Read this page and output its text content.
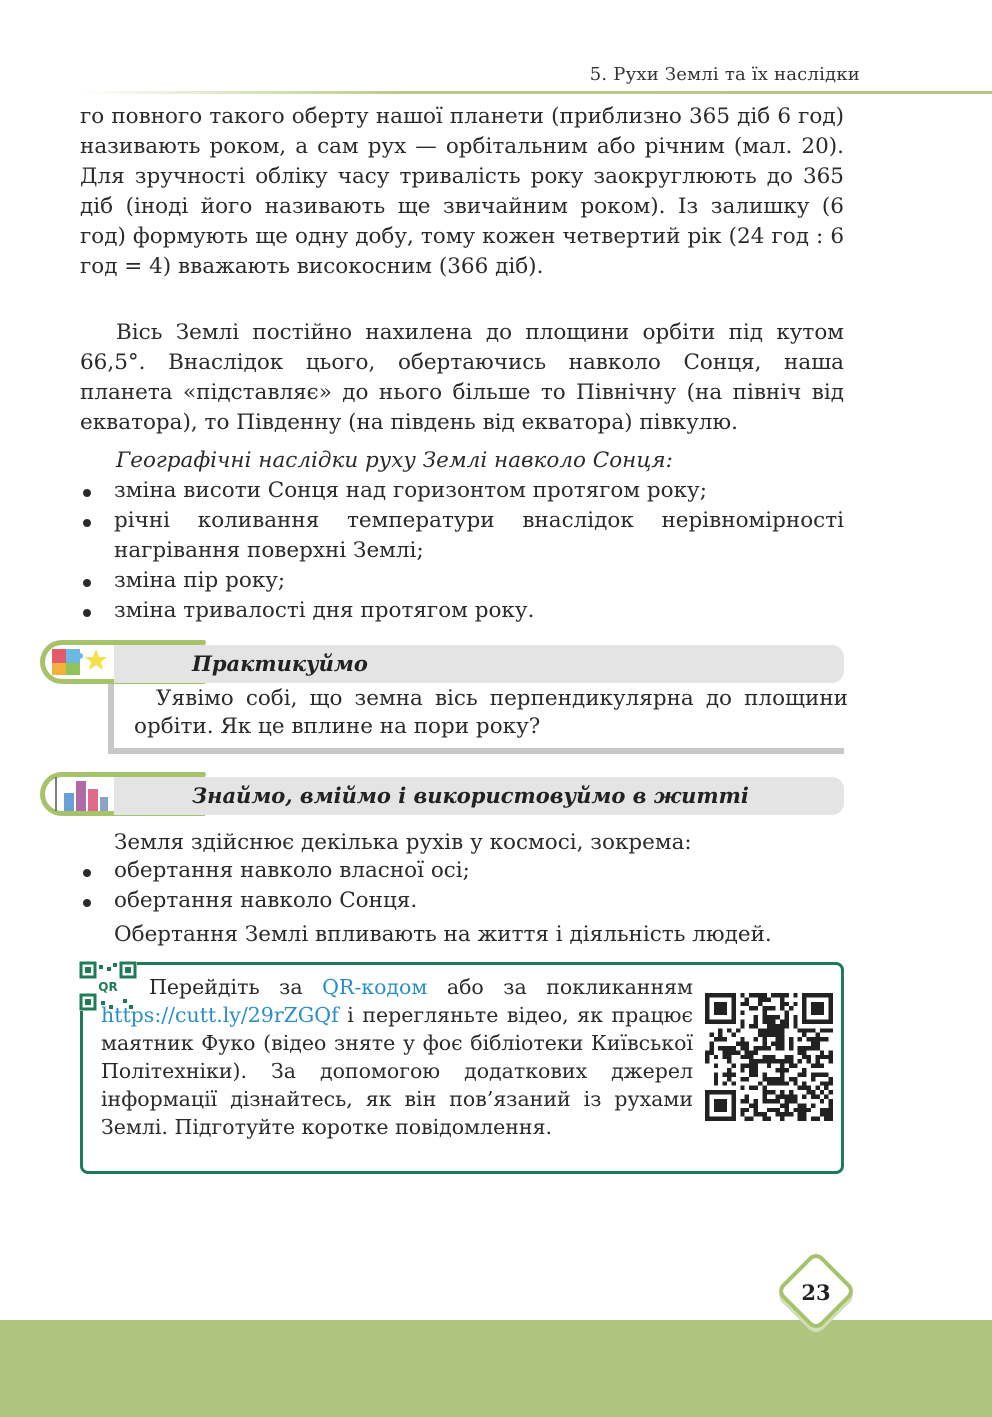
5. Рухи Землі та їх наслідки

го повного такого оберту нашої планети (приблизно 365 діб 6 год) називають роком, а сам рух — орбітальним або річним (мал. 20). Для зручності обліку часу тривалість року заокруглюють до 365 діб (іноді його називають ще звичайним роком). Із залишку (6 год) формують ще одну добу, тому кожен четвертий рік (24 год : 6 год = 4) вважають високосним (366 діб).

Вісь Землі постійно нахилена до площини орбіти під кутом 66,5°. Внаслідок цього, обертаючись навколо Сонця, наша планета «підставляє» до нього більше то Північну (на північ від екватора), то Південну (на південь від екватора) півкулю.

Географічні наслідки руху Землі навколо Сонця:

зміна висоти Сонця над горизонтом протягом року;
річні коливання температури внаслідок нерівномірності нагрівання поверхні Землі;
зміна пір року;
зміна тривалості дня протягом року.
Практикуймо

Уявімо собі, що земна вісь перпендикулярна до площини орбіти. Як це вплине на пори року?

Знаймо, вміймо і використовуймо в житті

Земля здійснює декілька рухів у космосі, зокрема:

обертання навколо власної осі;
обертання навколо Сонця.

Обертання Землі впливають на життя і діяльність людей.

QR	Перейдіть за QR-кодом або за покликанням https://cutt.ly/29rZGQf і перегляньте відео, як працює маятник Фуко (відео зняте у фоє бібліотеки Київської Політехніки). За допомогою додаткових джерел інформації дізнайтесь, як він пов’язаний із рухами Землі. Підготуйте коротке повідомлення.

23
